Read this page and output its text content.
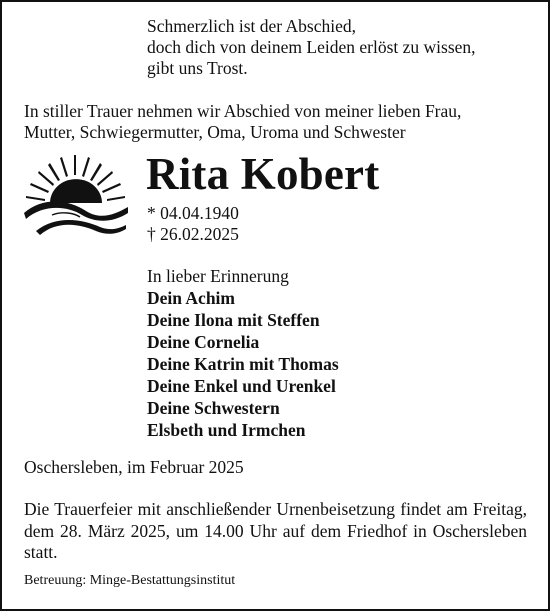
Schmerzlich ist der Abschied,
doch dich von deinem Leiden erlöst zu wissen,
gibt uns Trost.
In stiller Trauer nehmen wir Abschied von meiner lieben Frau,
Mutter, Schwiegermutter, Oma, Uroma und Schwester
Rita Kobert
* 04.04.1940
† 26.02.2025
In lieber Erinnerung
Dein Achim
Deine Ilona mit Steffen
Deine Cornelia
Deine Katrin mit Thomas
Deine Enkel und Urenkel
Deine Schwestern
Elsbeth und Irmchen
Oschersleben, im Februar 2025
Die Trauerfeier mit anschließender Urnenbeisetzung findet am Freitag, dem 28. März 2025, um 14.00 Uhr auf dem Friedhof in Oschersleben statt.
Betreuung: Minge-Bestattungsinstitut
